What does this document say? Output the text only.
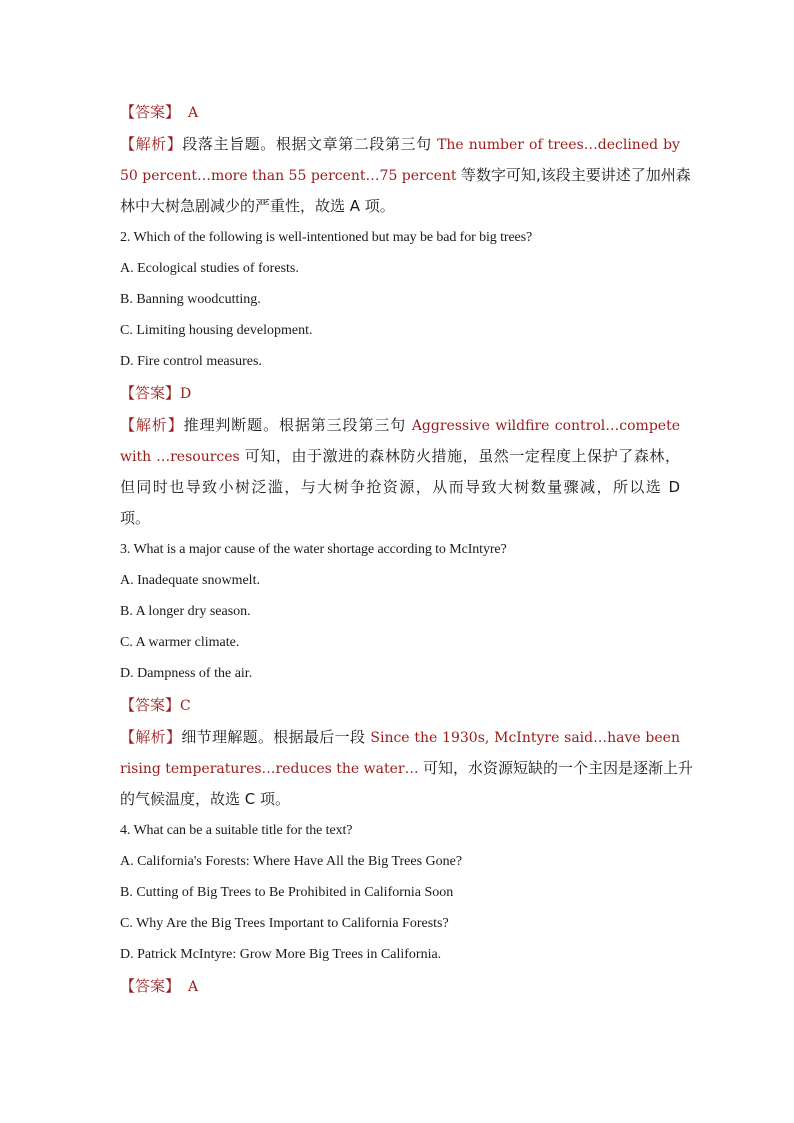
【答案】 A
【解析】段落主旨题。根据文章第二段第三句 The number of trees…declined by
50 percent…more than 55 percent…75 percent 等数字可知,该段主要讲述了加州森
林中大树急剧减少的严重性，故选 A 项。
2. Which of the following is well-intentioned but may be bad for big trees?
A. Ecological studies of forests.
B. Banning woodcutting.
C. Limiting housing development.
D. Fire control measures.
【答案】D
【解析】推理判断题。根据第三段第三句 Aggressive wildfire control…compete
with …resources 可知，由于激进的森林防火措施，虽然一定程度上保护了森林，
但同时也导致小树泛滥，与大树争抢资源，从而导致大树数量骤减，所以选 D
项。
3. What is a major cause of the water shortage according to McIntyre?
A. Inadequate snowmelt.
B. A longer dry season.
C. A warmer climate.
D. Dampness of the air.
【答案】C
【解析】细节理解题。根据最后一段 Since the 1930s, McIntyre said…have been
rising temperatures…reduces the water… 可知，水资源短缺的一个主因是逐渐上升
的气候温度，故选 C 项。
4. What can be a suitable title for the text?
A. California's Forests: Where Have All the Big Trees Gone?
B. Cutting of Big Trees to Be Prohibited in California Soon
C. Why Are the Big Trees Important to California Forests?
D. Patrick McIntyre: Grow More Big Trees in California.
【答案】 A
